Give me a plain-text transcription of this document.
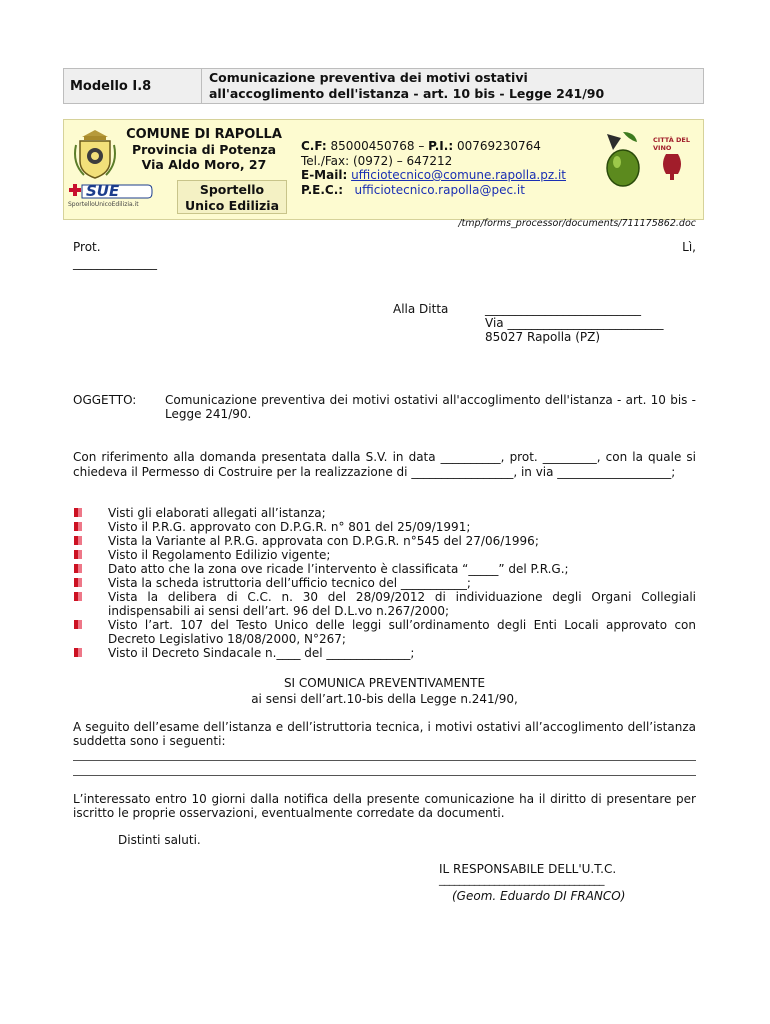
Modello I.8
Comunicazione preventiva dei motivi ostativi
all'accoglimento dell'istanza - art. 10 bis - Legge 241/90
SUE
SportelloUnicoEdilizia.it
COMUNE DI RAPOLLA
Provincia di Potenza
Via Aldo Moro, 27
Sportello
Unico Edilizia
C.F: 85000450768 – P.I.: 00769230764
Tel./Fax: (0972) – 647212
E-Mail: ufficiotecnico@comune.rapolla.pz.it
P.E.C.: ufficiotecnico.rapolla@pec.it
CITTÀ DEL VINO
/tmp/forms_processor/documents/711175862.doc
Prot.
______________
Lì,
Alla Ditta	__________________________
Via __________________________
85027 Rapolla (PZ)
OGGETTO: Comunicazione preventiva dei motivi ostativi all'accoglimento dell'istanza - art. 10 bis - Legge 241/90.
Con riferimento alla domanda presentata dalla S.V. in data __________, prot. _________, con la quale si chiedeva il Permesso di Costruire per la realizzazione di _________________, in via ___________________;
Visti gli elaborati allegati all’istanza;
Visto il P.R.G. approvato con D.P.G.R. n° 801 del 25/09/1991;
Vista la Variante al P.R.G. approvata con D.P.G.R. n°545 del 27/06/1996;
Visto il Regolamento Edilizio vigente;
Dato atto che la zona ove ricade l’intervento è classificata “_____” del P.R.G.;
Vista la scheda istruttoria dell’ufficio tecnico del ___________;
Vista la delibera di C.C. n. 30 del 28/09/2012 di individuazione degli Organi Collegiali indispensabili ai sensi dell’art. 96 del D.L.vo n.267/2000;
Visto l’art. 107 del Testo Unico delle leggi sull’ordinamento degli Enti Locali approvato con Decreto Legislativo 18/08/2000, N°267;
Visto il Decreto Sindacale n.____ del ______________;
SI COMUNICA PREVENTIVAMENTE
ai sensi dell’art.10-bis della Legge n.241/90,
A seguito dell’esame dell’istanza e dell’istruttoria tecnica, i motivi ostativi all’accoglimento dell’istanza suddetta sono i seguenti:
L’interessato entro 10 giorni dalla notifica della presente comunicazione ha il diritto di presentare per iscritto le proprie osservazioni, eventualmente corredate da documenti.
Distinti saluti.
IL RESPONSABILE DELL'U.T.C.
_________________________________
(Geom. Eduardo DI FRANCO)
